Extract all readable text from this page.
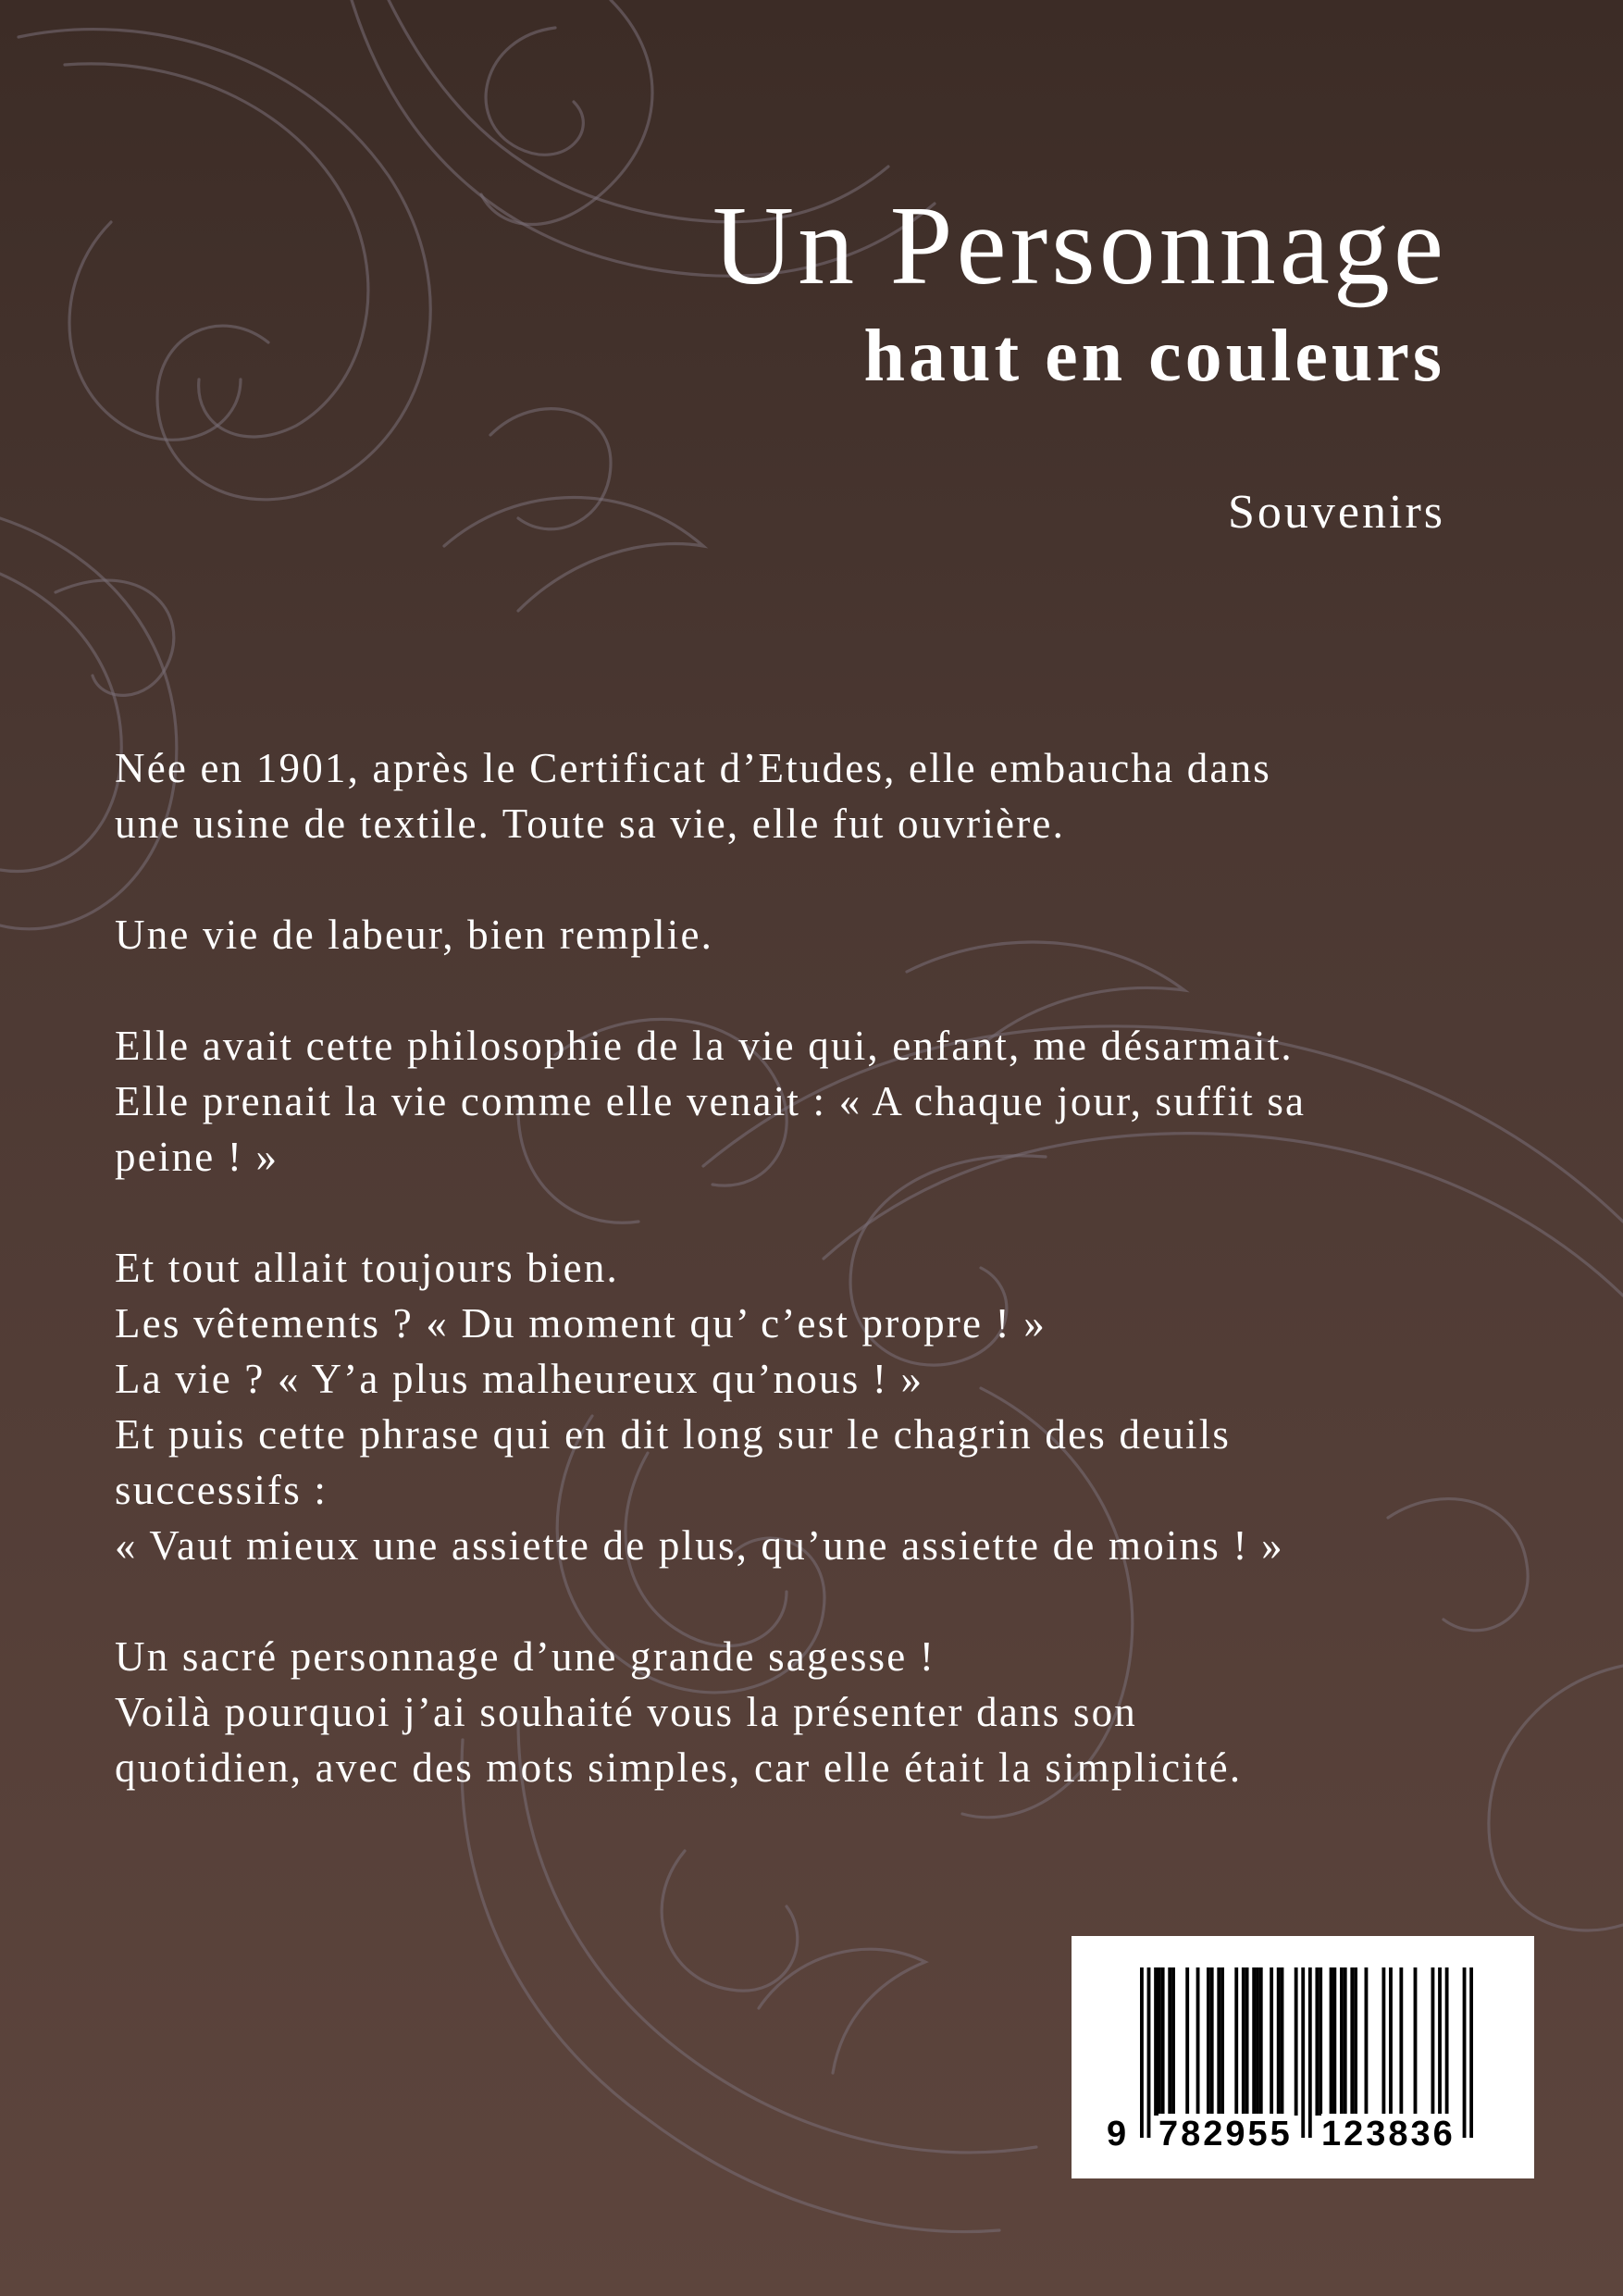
Un Personnage
haut en couleurs
Souvenirs

Née en 1901, après le Certificat d’Etudes, elle embaucha dans
une usine de textile. Toute sa vie, elle fut ouvrière.

Une vie de labeur, bien remplie.

Elle avait cette philosophie de la vie qui, enfant, me désarmait.
Elle prenait la vie comme elle venait : « A chaque jour, suffit sa
peine ! »

Et tout allait toujours bien.
Les vêtements ? « Du moment qu’ c’est propre ! »
La vie ? « Y’a plus malheureux qu’nous ! »
Et puis cette phrase qui en dit long sur le chagrin des deuils
successifs :
« Vaut mieux une assiette de plus, qu’une assiette de moins ! »

Un sacré personnage d’une grande sagesse !
Voilà pourquoi j’ai souhaité vous la présenter dans son
quotidien, avec des mots simples, car elle était la simplicité.

9 782955 123836
